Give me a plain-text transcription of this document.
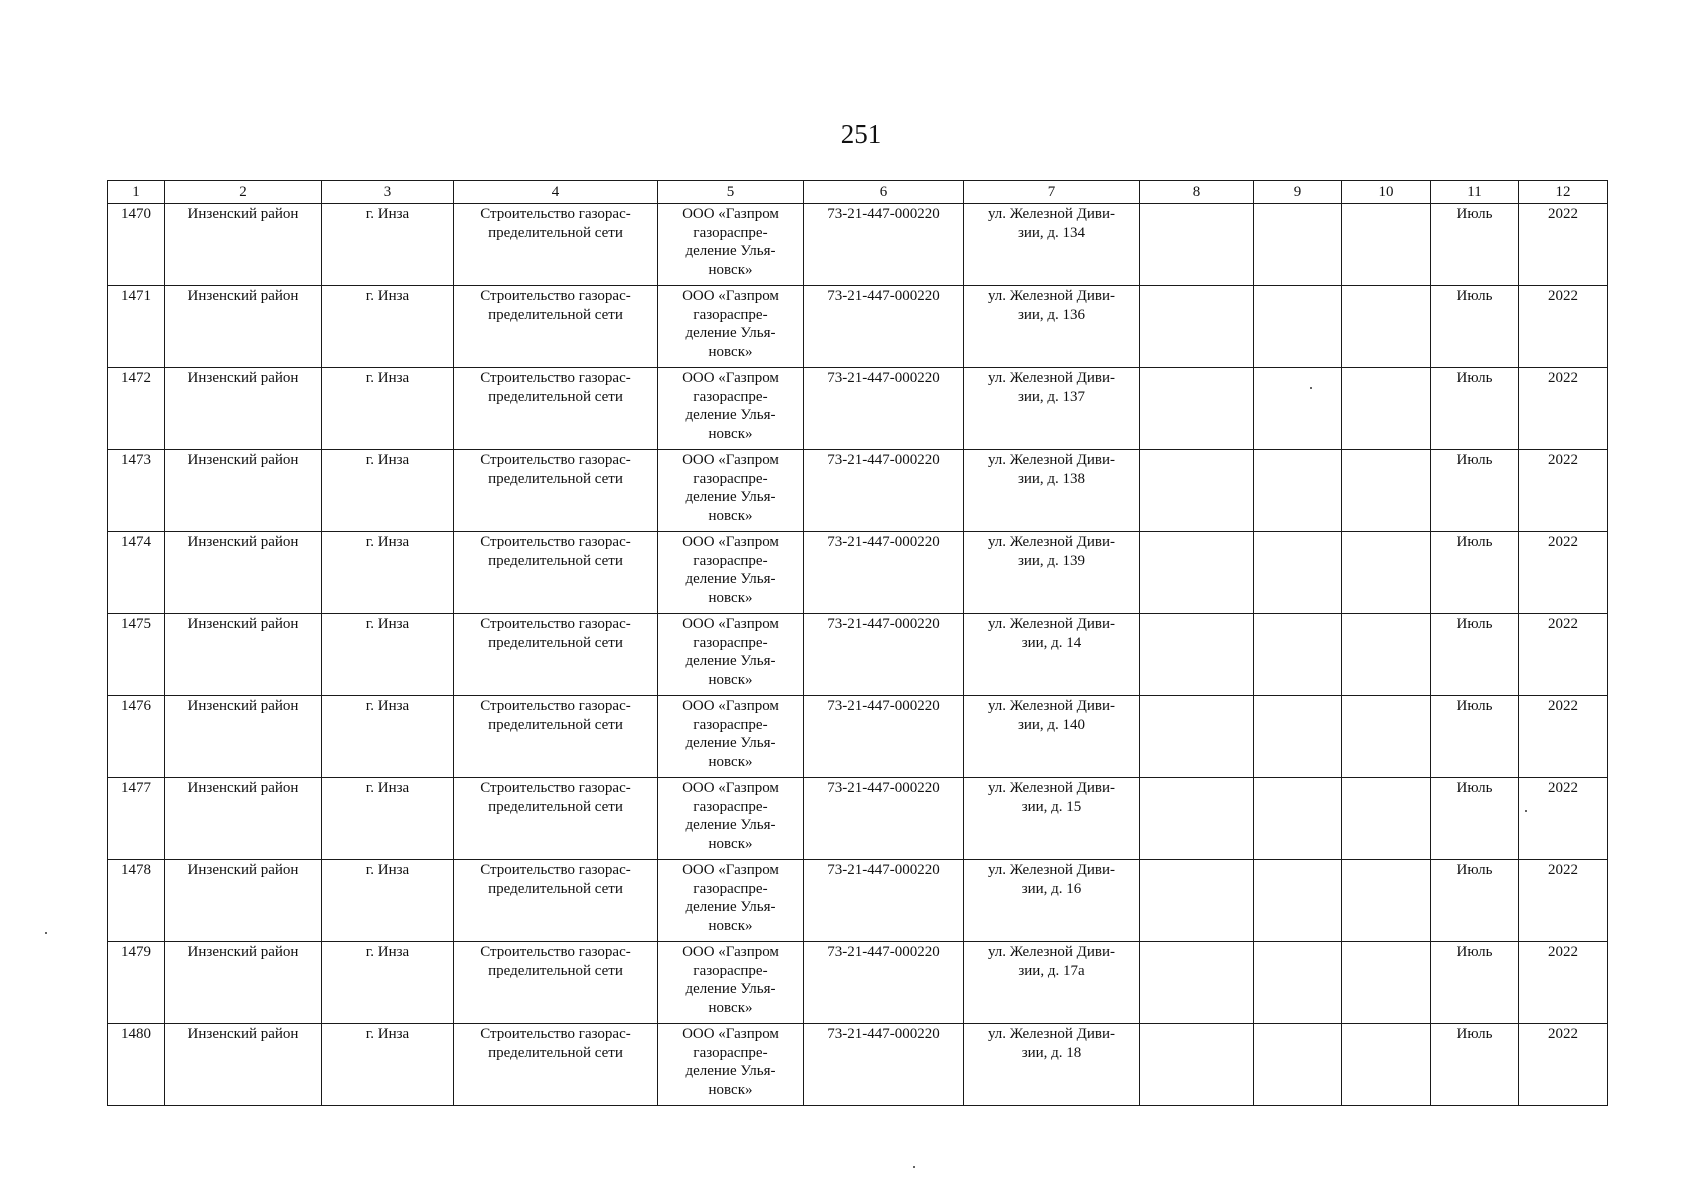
251
1	2	3	4	5	6	7	8	9	10	11	12
1470	Инзенский район	г. Инза	Строительство газорас-
пределительной сети	ООО «Газпром
газораспре-
деление Улья-
новск»	73-21-447-000220	ул. Железной Диви-
зии, д. 134				Июль	2022
1471	Инзенский район	г. Инза	Строительство газорас-
пределительной сети	ООО «Газпром
газораспре-
деление Улья-
новск»	73-21-447-000220	ул. Железной Диви-
зии, д. 136				Июль	2022
1472	Инзенский район	г. Инза	Строительство газорас-
пределительной сети	ООО «Газпром
газораспре-
деление Улья-
новск»	73-21-447-000220	ул. Железной Диви-
зии, д. 137				Июль	2022
1473	Инзенский район	г. Инза	Строительство газорас-
пределительной сети	ООО «Газпром
газораспре-
деление Улья-
новск»	73-21-447-000220	ул. Железной Диви-
зии, д. 138				Июль	2022
1474	Инзенский район	г. Инза	Строительство газорас-
пределительной сети	ООО «Газпром
газораспре-
деление Улья-
новск»	73-21-447-000220	ул. Железной Диви-
зии, д. 139				Июль	2022
1475	Инзенский район	г. Инза	Строительство газорас-
пределительной сети	ООО «Газпром
газораспре-
деление Улья-
новск»	73-21-447-000220	ул. Железной Диви-
зии, д. 14				Июль	2022
1476	Инзенский район	г. Инза	Строительство газорас-
пределительной сети	ООО «Газпром
газораспре-
деление Улья-
новск»	73-21-447-000220	ул. Железной Диви-
зии, д. 140				Июль	2022
1477	Инзенский район	г. Инза	Строительство газорас-
пределительной сети	ООО «Газпром
газораспре-
деление Улья-
новск»	73-21-447-000220	ул. Железной Диви-
зии, д. 15				Июль	2022
1478	Инзенский район	г. Инза	Строительство газорас-
пределительной сети	ООО «Газпром
газораспре-
деление Улья-
новск»	73-21-447-000220	ул. Железной Диви-
зии, д. 16				Июль	2022
1479	Инзенский район	г. Инза	Строительство газорас-
пределительной сети	ООО «Газпром
газораспре-
деление Улья-
новск»	73-21-447-000220	ул. Железной Диви-
зии, д. 17а				Июль	2022
1480	Инзенский район	г. Инза	Строительство газорас-
пределительной сети	ООО «Газпром
газораспре-
деление Улья-
новск»	73-21-447-000220	ул. Железной Диви-
зии, д. 18				Июль	2022
